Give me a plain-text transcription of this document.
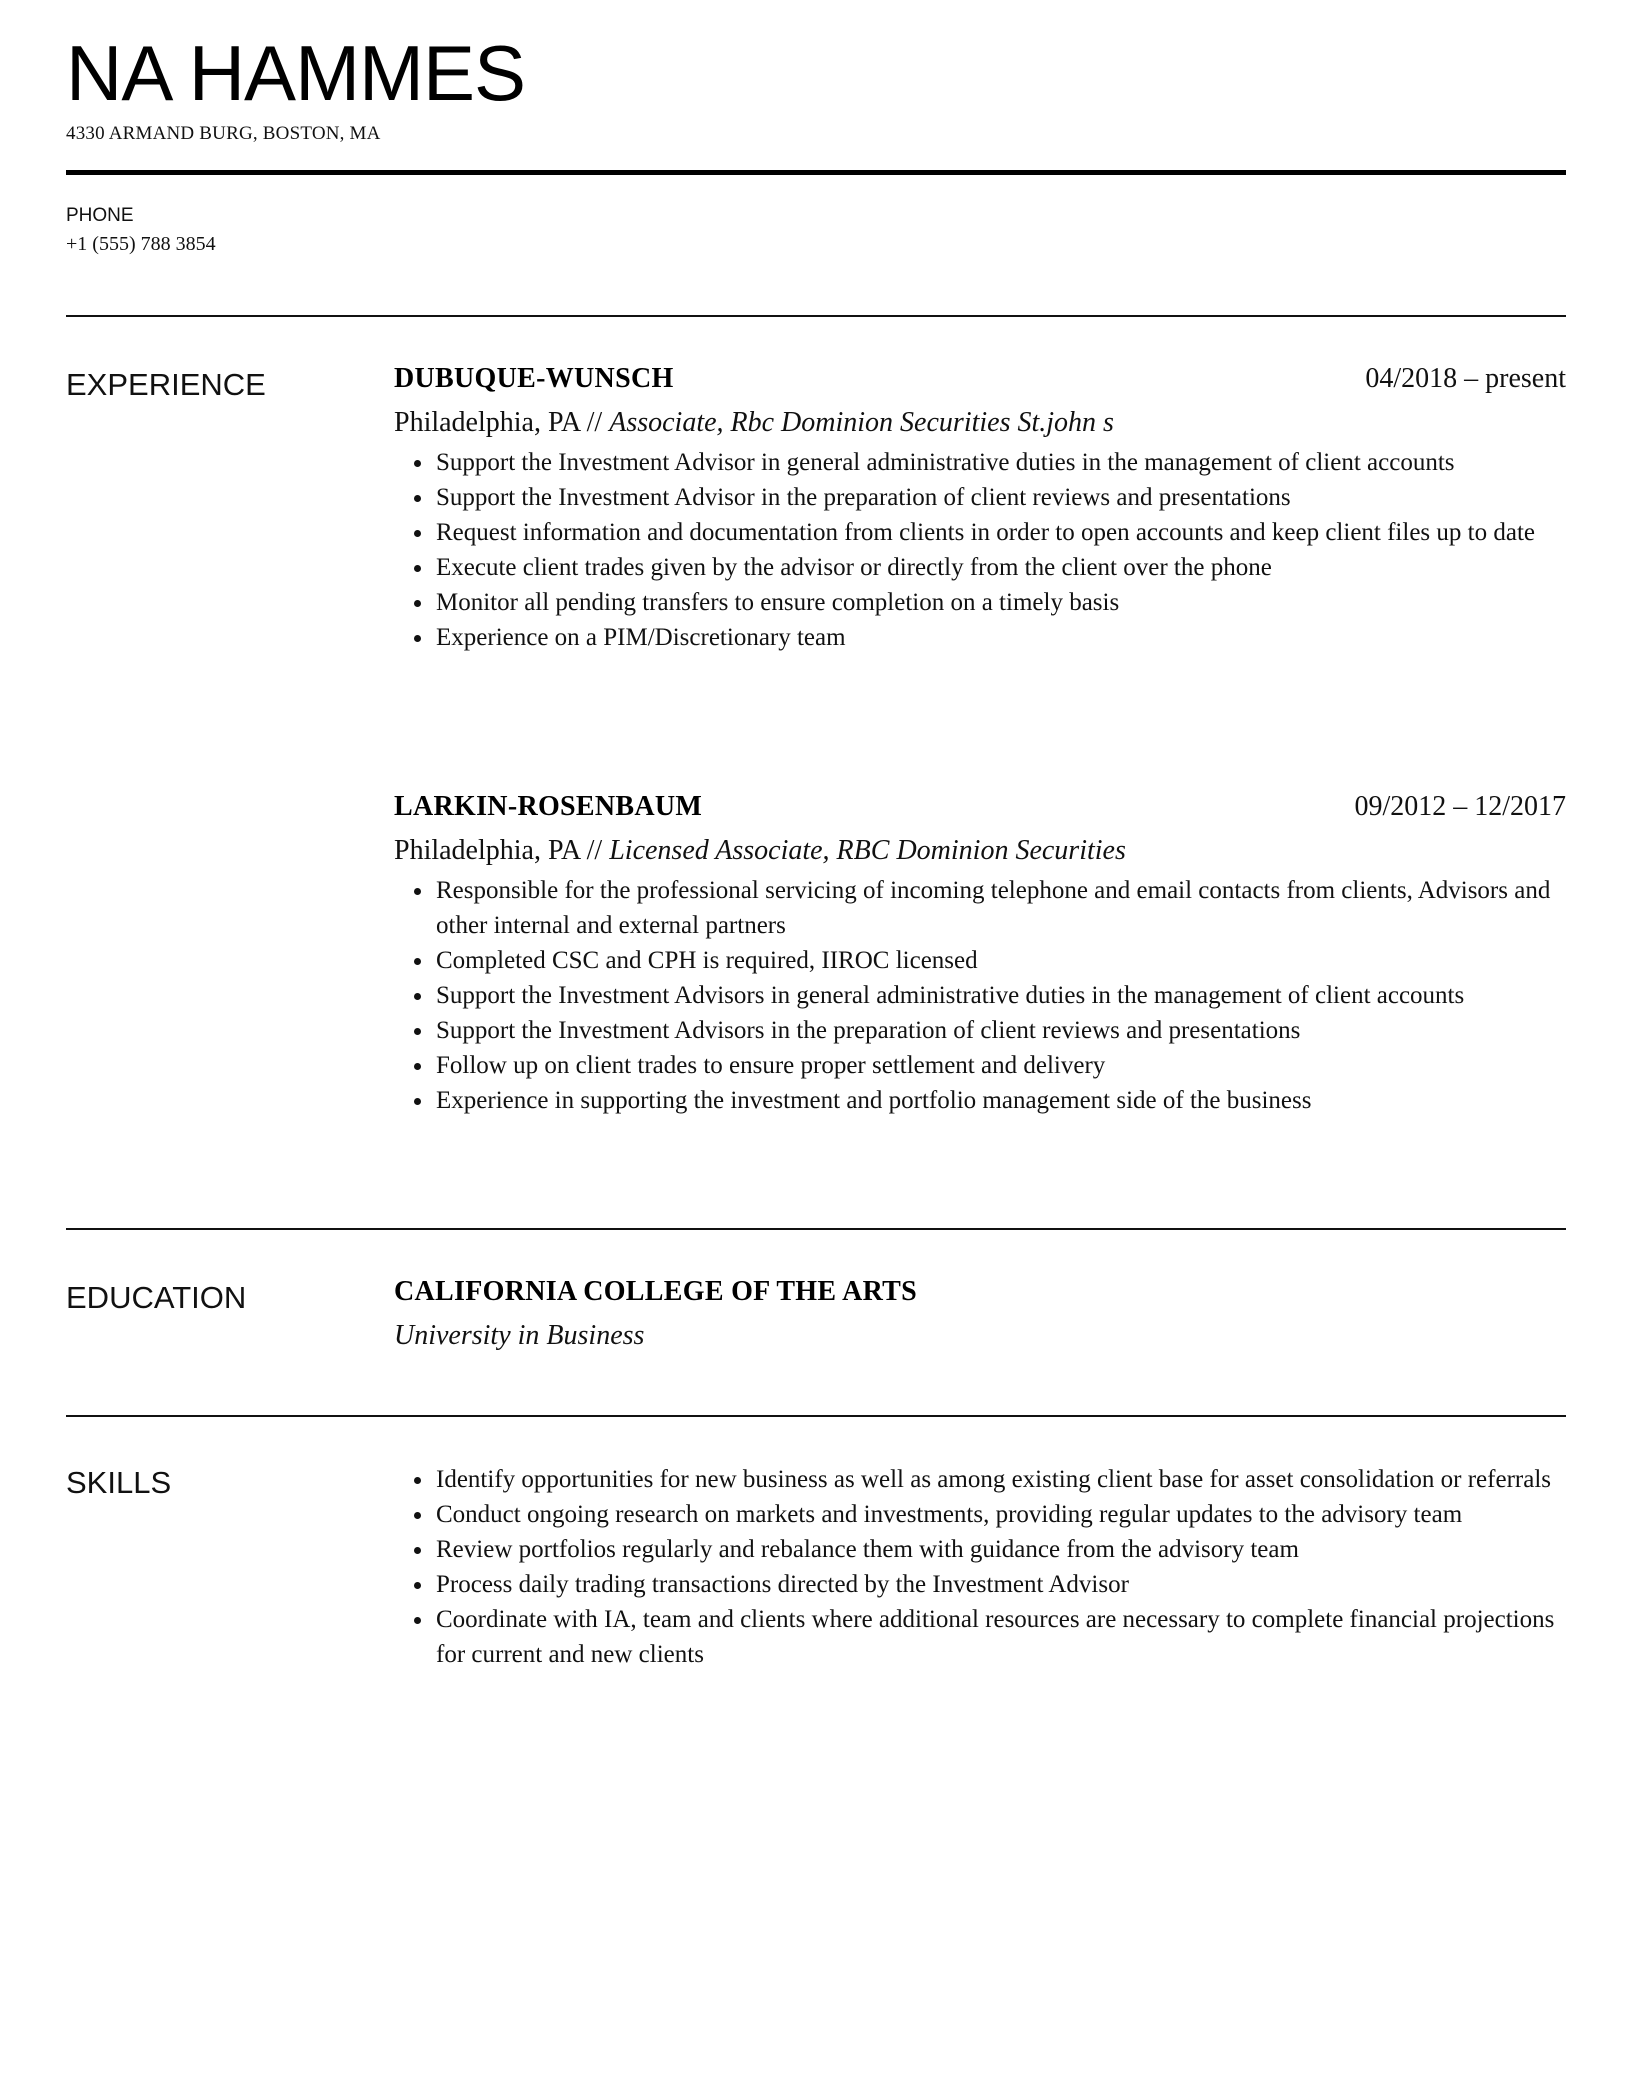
NA HAMMES
4330 ARMAND BURG, BOSTON, MA
PHONE
+1 (555) 788 3854
EXPERIENCE	DUBUQUE-WUNSCH	04/2018 – present
Philadelphia, PA // Associate, Rbc Dominion Securities St.john s
Support the Investment Advisor in general administrative duties in the management of client accounts
Support the Investment Advisor in the preparation of client reviews and presentations
Request information and documentation from clients in order to open accounts and keep client files up to date
Execute client trades given by the advisor or directly from the client over the phone
Monitor all pending transfers to ensure completion on a timely basis
Experience on a PIM/Discretionary team
LARKIN-ROSENBAUM	09/2012 – 12/2017
Philadelphia, PA // Licensed Associate, RBC Dominion Securities
Responsible for the professional servicing of incoming telephone and email contacts from clients, Advisors and other internal and external partners
Completed CSC and CPH is required, IIROC licensed
Support the Investment Advisors in general administrative duties in the management of client accounts
Support the Investment Advisors in the preparation of client reviews and presentations
Follow up on client trades to ensure proper settlement and delivery
Experience in supporting the investment and portfolio management side of the business
EDUCATION	CALIFORNIA COLLEGE OF THE ARTS
University in Business
SKILLS	Identify opportunities for new business as well as among existing client base for asset consolidation or referrals
Conduct ongoing research on markets and investments, providing regular updates to the advisory team
Review portfolios regularly and rebalance them with guidance from the advisory team
Process daily trading transactions directed by the Investment Advisor
Coordinate with IA, team and clients where additional resources are necessary to complete financial projections for current and new clients
